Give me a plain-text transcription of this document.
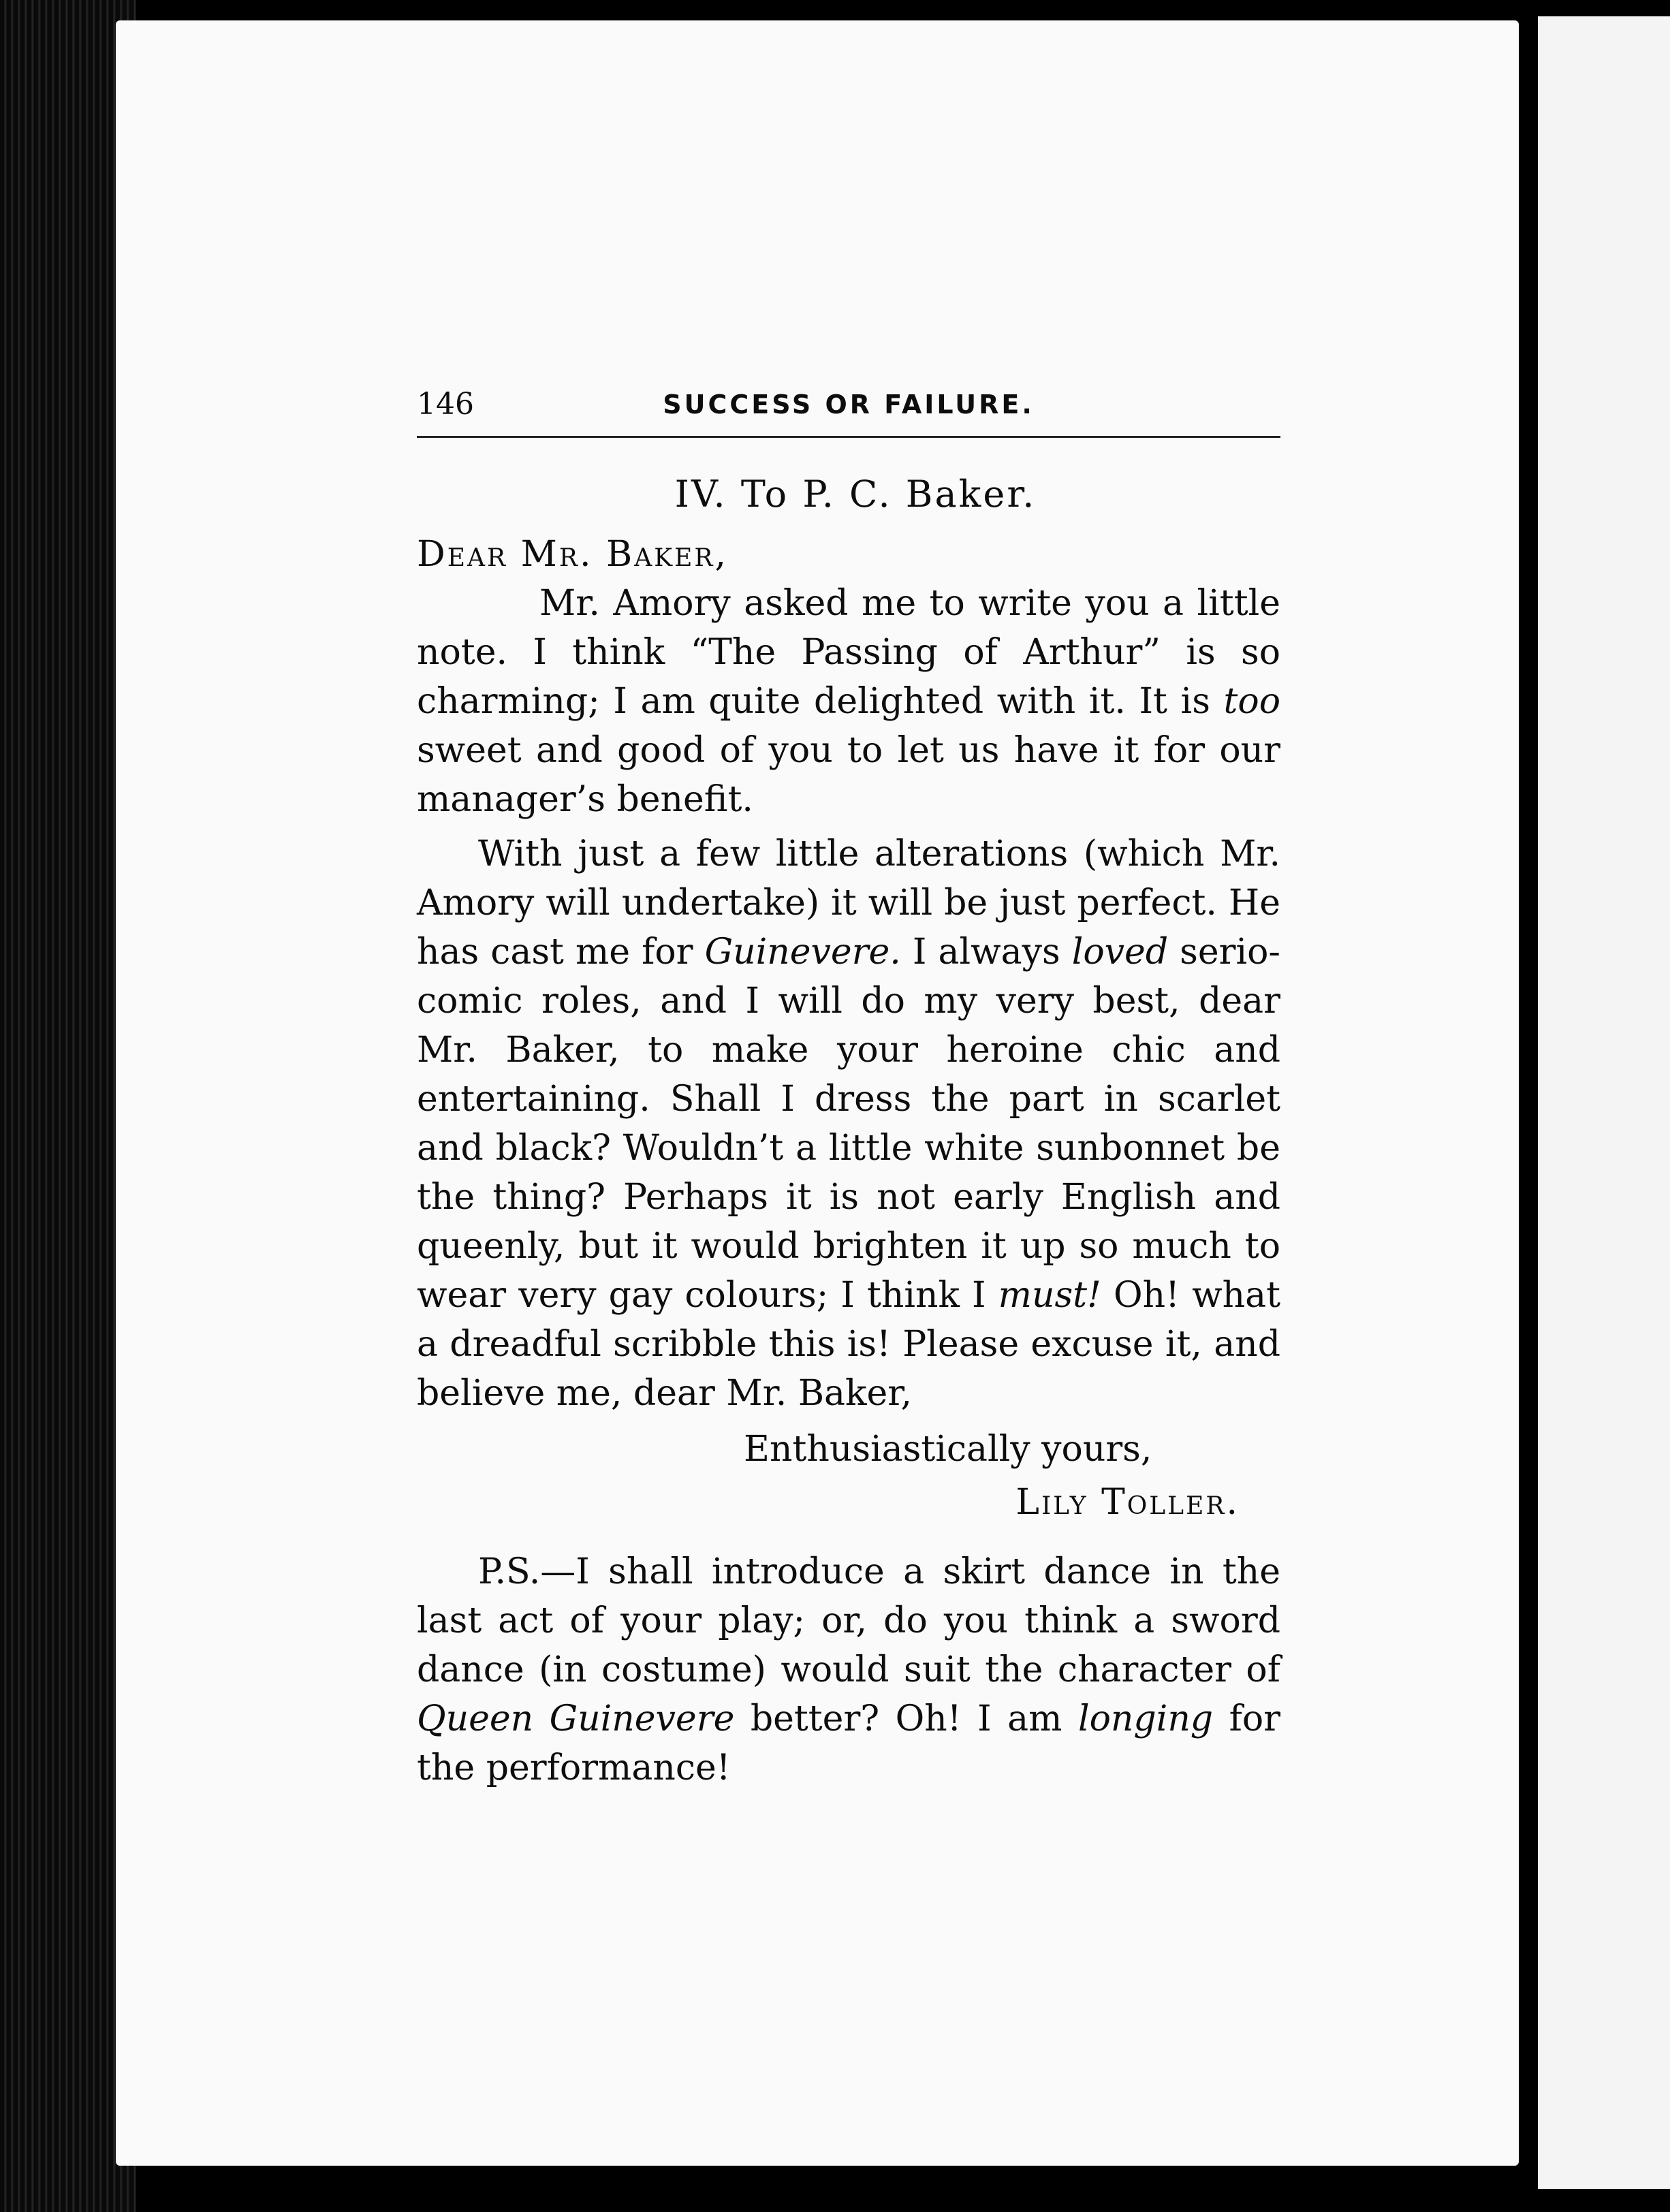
146	SUCCESS OR FAILURE.

IV. To P. C. Baker.

Dear Mr. Baker,

Mr. Amory asked me to write you a little note. I think “The Passing of Arthur” is so charming; I am quite delighted with it. It is too sweet and good of you to let us have it for our manager’s benefit.

With just a few little alterations (which Mr. Amory will undertake) it will be just perfect. He has cast me for Guinevere. I always loved serio-comic roles, and I will do my very best, dear Mr. Baker, to make your heroine chic and entertaining. Shall I dress the part in scarlet and black? Wouldn’t a little white sunbonnet be the thing? Perhaps it is not early English and queenly, but it would brighten it up so much to wear very gay colours; I think I must! Oh! what a dreadful scribble this is! Please excuse it, and believe me, dear Mr. Baker,

Enthusiastically yours,

Lily Toller.

P.S.—I shall introduce a skirt dance in the last act of your play; or, do you think a sword dance (in costume) would suit the character of Queen Guinevere better? Oh! I am longing for the performance!
